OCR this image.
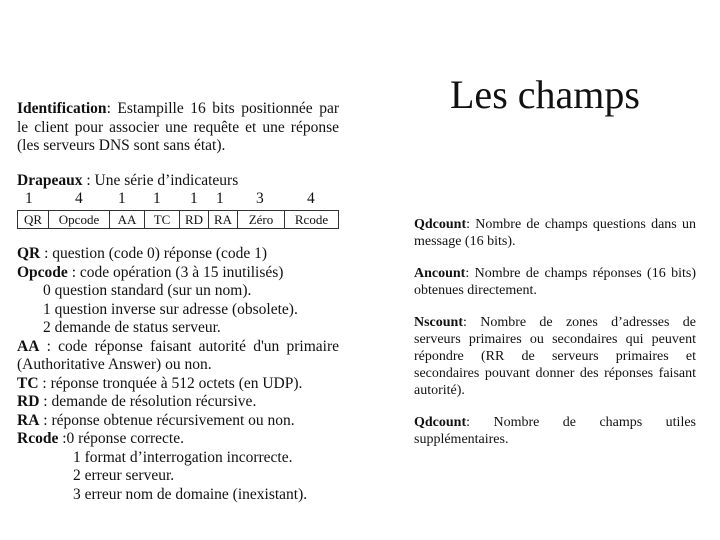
Les champs

Identification: Estampille 16 bits positionnée par le client pour associer une requête et une réponse (les serveurs DNS sont sans état).

Drapeaux : Une série d’indicateurs

1	4 1 1 1 1 3	4
QR	Opcode	AA	TC	RD	RA	Zéro	Rcode

QR : question (code 0) réponse (code 1)

Opcode : code opération (3 à 15 inutilisés)

0 question standard (sur un nom).

1 question inverse sur adresse (obsolete).

2 demande de status serveur.

AA : code réponse faisant autorité d'un primaire (Authoritative Answer) ou non.

TC : réponse tronquée à 512 octets (en UDP).

RD : demande de résolution récursive.

RA : réponse obtenue récursivement ou non.

Rcode :0 réponse correcte.

1 format d’interrogation incorrecte.

2 erreur serveur.

3 erreur nom de domaine (inexistant).

Qdcount: Nombre de champs questions dans un message (16 bits).

Ancount: Nombre de champs réponses (16 bits) obtenues directement.

Nscount: Nombre de zones d’adresses de serveurs primaires ou secondaires qui peuvent répondre (RR de serveurs primaires et secondaires pouvant donner des réponses faisant autorité).

Qdcount: Nombre de champs utiles supplémentaires.
